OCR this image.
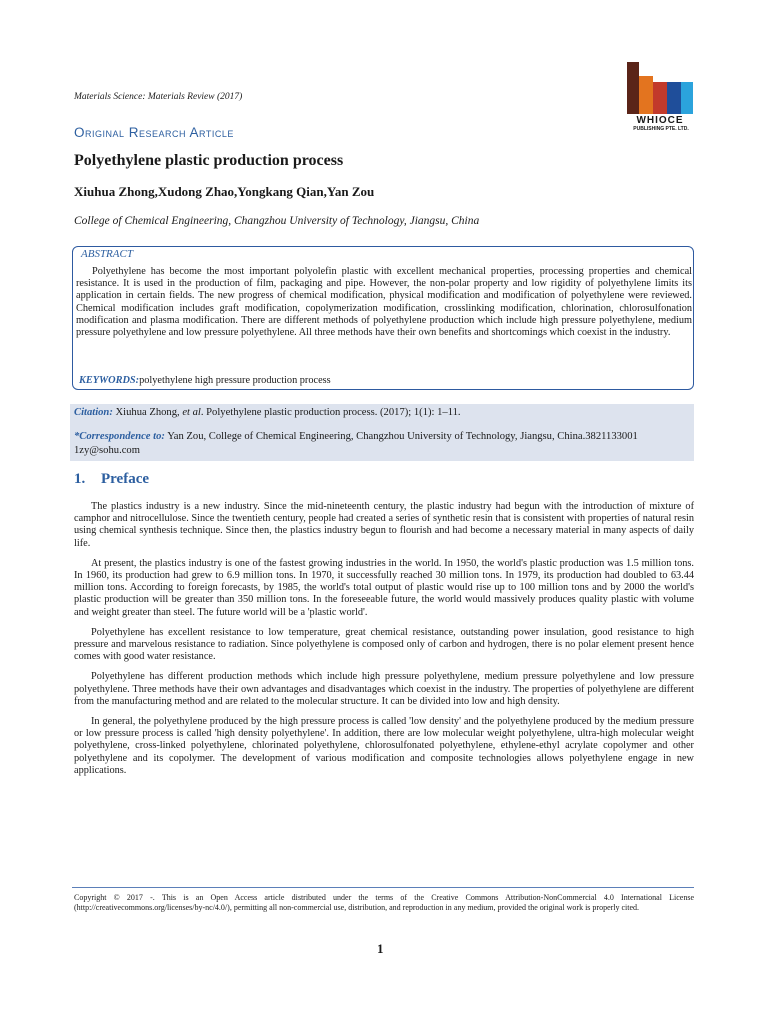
Materials Science: Materials Review (2017)
WHIOCE
PUBLISHING PTE. LTD.
Original Research Article
Polyethylene plastic production process
Xiuhua Zhong,Xudong Zhao,Yongkang Qian,Yan Zou
College of Chemical Engineering, Changzhou University of Technology, Jiangsu, China
ABSTRACT
Polyethylene has become the most important polyolefin plastic with excellent mechanical properties, processing properties and chemical resistance. It is used in the production of film, packaging and pipe. However, the non-polar property and low rigidity of polyethylene limits its application in certain fields. The new progress of chemical modification, physical modification and modification of polyethylene were reviewed. Chemical modification includes graft modification, copolymerization modification, crosslinking modification, chlorination, chlorosulfonation modification and plasma modification. There are different methods of polyethylene production which include high pressure polyethylene, medium pressure polyethylene and low pressure polyethylene. All three methods have their own benefits and shortcomings which coexist in the industry.
KEYWORDS:polyethylene high pressure production process
Citation: Xiuhua Zhong, et al. Polyethylene plastic production process. (2017); 1(1): 1–11.
*Correspondence to: Yan Zou, College of Chemical Engineering, Changzhou University of Technology, Jiangsu, China.3821133001 1zy@sohu.com
1. Preface

The plastics industry is a new industry. Since the mid-nineteenth century, the plastic industry had begun with the introduction of mixture of camphor and nitrocellulose. Since the twentieth century, people had created a series of synthetic resin that is consistent with properties of natural resin using chemical synthesis technique. Since then, the plastics industry begun to flourish and had become a necessary material in many aspects of daily life.

At present, the plastics industry is one of the fastest growing industries in the world. In 1950, the world's plastic production was 1.5 million tons. In 1960, its production had grew to 6.9 million tons. In 1970, it successfully reached 30 million tons. In 1979, its production had doubled to 63.44 million tons. According to foreign forecasts, by 1985, the world's total output of plastic would rise up to 100 million tons and by 2000 the world's plastic production will be greater than 350 million tons. In the foreseeable future, the world would massively produces quality plastic with volume and weight greater than steel. The future world will be a 'plastic world'.

Polyethylene has excellent resistance to low temperature, great chemical resistance, outstanding power insulation, good resistance to high pressure and marvelous resistance to radiation. Since polyethylene is composed only of carbon and hydrogen, there is no polar element present hence comes with good water resistance.

Polyethylene has different production methods which include high pressure polyethylene, medium pressure polyethylene and low pressure polyethylene. Three methods have their own advantages and disadvantages which coexist in the industry. The properties of polyethylene are different from the manufacturing method and are related to the molecular structure. It can be divided into low and high density.

In general, the polyethylene produced by the high pressure process is called 'low density' and the polyethylene produced by the medium pressure or low pressure process is called 'high density polyethylene'. In addition, there are low molecular weight polyethylene, ultra-high molecular weight polyethylene, cross-linked polyethylene, chlorinated polyethylene, chlorosulfonated polyethylene, ethylene-ethyl acrylate copolymer and other polyethylene and its copolymer. The development of various modification and composite technologies allows polyethylene engage in new applications.

Copyright © 2017 -. This is an Open Access article distributed under the terms of the Creative Commons Attribution-NonCommercial 4.0 International License (http://creativecommons.org/licenses/by-nc/4.0/), permitting all non-commercial use, distribution, and reproduction in any medium, provided the original work is properly cited.
1
